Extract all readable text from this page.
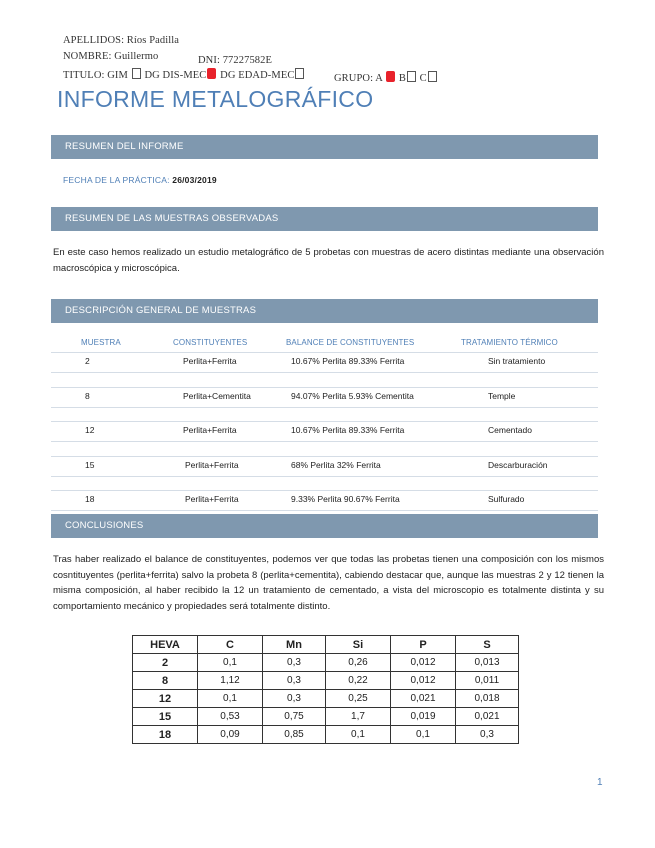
APELLIDOS: Ríos Padilla
NOMBRE: Guillermo	DNI: 77227582E
TITULO: GIM DG DIS-MEC DG EDAD-MEC	GRUPO: A B C
INFORME METALOGRÁFICO
RESUMEN DEL INFORME
FECHA DE LA PRÁCTICA: 26/03/2019
RESUMEN DE LAS MUESTRAS OBSERVADAS
En este caso hemos realizado un estudio metalográfico de 5 probetas con muestras de acero distintas mediante una observación macroscópica y microscópica.
DESCRIPCIÓN GENERAL DE MUESTRAS
MUESTRA	CONSTITUYENTES	BALANCE DE CONSTITUYENTES	TRATAMIENTO TÉRMICO
2	Perlita+Ferrita	10.67% Perlita 89.33% Ferrita	Sin tratamiento
8	Perlita+Cementita	94.07% Perlita 5.93% Cementita	Temple
12	Perlita+Ferrita	10.67% Perlita 89.33% Ferrita	Cementado
15	Perlita+Ferrita	68% Perlita 32% Ferrita	Descarburación
18	Perlita+Ferrita	9.33% Perlita 90.67% Ferrita	Sulfurado
CONCLUSIONES
Tras haber realizado el balance de constituyentes, podemos ver que todas las probetas tienen una composición con los mismos cosntituyentes (perlita+ferrita) salvo la probeta 8 (perlita+cementita), cabiendo destacar que, aunque las muestras 2 y 12 tienen la misma composición, al haber recibido la 12 un tratamiento de cementado, a vista del microscopio es totalmente distinta y su comportamiento mecánico y propiedades será totalmente distinto.
HEVA	C	Mn	Si	P	S
2	0,1	0,3	0,26	0,012	0,013
8	1,12	0,3	0,22	0,012	0,011
12	0,1	0,3	0,25	0,021	0,018
15	0,53	0,75	1,7	0,019	0,021
18	0,09	0,85	0,1	0,1	0,3
1
